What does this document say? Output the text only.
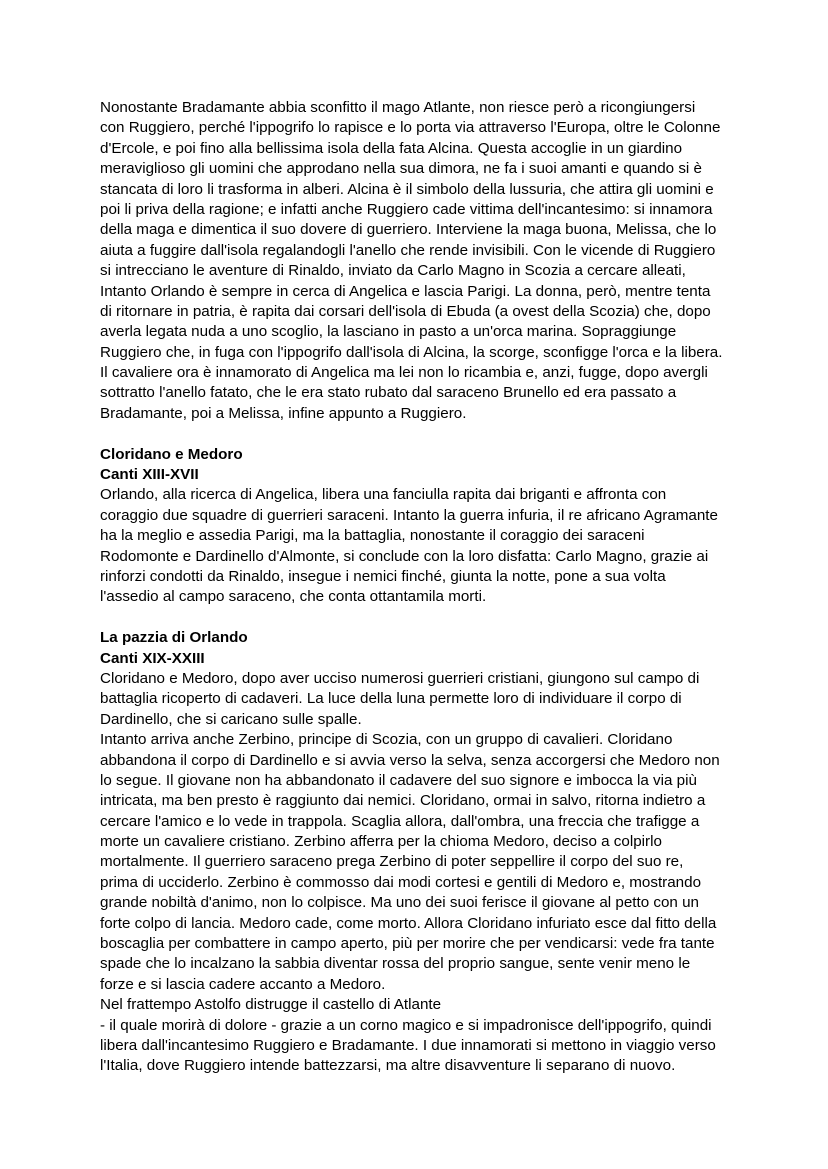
Nonostante Bradamante abbia sconfitto il mago Atlante, non riesce però a ricongiungersi
con Ruggiero, perché l'ippogrifo lo rapisce e lo porta via attraverso l'Europa, oltre le Colonne
d'Ercole, e poi fino alla bellissima isola della fata Alcina. Questa accoglie in un giardino
meraviglioso gli uomini che approdano nella sua dimora, ne fa i suoi amanti e quando si è
stancata di loro li trasforma in alberi. Alcina è il simbolo della lussuria, che attira gli uomini e
poi li priva della ragione; e infatti anche Ruggiero cade vittima dell'incantesimo: si innamora
della maga e dimentica il suo dovere di guerriero. Interviene la maga buona, Melissa, che lo
aiuta a fuggire dall'isola regalandogli l'anello che rende invisibili. Con le vicende di Ruggiero
si intrecciano le aventure di Rinaldo, inviato da Carlo Magno in Scozia a cercare alleati,
Intanto Orlando è sempre in cerca di Angelica e lascia Parigi. La donna, però, mentre tenta
di ritornare in patria, è rapita dai corsari dell'isola di Ebuda (a ovest della Scozia) che, dopo
averla legata nuda a uno scoglio, la lasciano in pasto a un'orca marina. Sopraggiunge
Ruggiero che, in fuga con l'ippogrifo dall'isola di Alcina, la scorge, sconfigge l'orca e la libera.
Il cavaliere ora è innamorato di Angelica ma lei non lo ricambia e, anzi, fugge, dopo avergli
sottratto l'anello fatato, che le era stato rubato dal saraceno Brunello ed era passato a
Bradamante, poi a Melissa, infine appunto a Ruggiero.
Cloridano e Medoro
Canti XIII-XVII
Orlando, alla ricerca di Angelica, libera una fanciulla rapita dai briganti e affronta con
coraggio due squadre di guerrieri saraceni. Intanto la guerra infuria, il re africano Agramante
ha la meglio e assedia Parigi, ma la battaglia, nonostante il coraggio dei saraceni
Rodomonte e Dardinello d'Almonte, si conclude con la loro disfatta: Carlo Magno, grazie ai
rinforzi condotti da Rinaldo, insegue i nemici finché, giunta la notte, pone a sua volta
l'assedio al campo saraceno, che conta ottantamila morti.
La pazzia di Orlando
Canti XIX-XXIII
Cloridano e Medoro, dopo aver ucciso numerosi guerrieri cristiani, giungono sul campo di
battaglia ricoperto di cadaveri. La luce della luna permette loro di individuare il corpo di
Dardinello, che si caricano sulle spalle.
Intanto arriva anche Zerbino, principe di Scozia, con un gruppo di cavalieri. Cloridano
abbandona il corpo di Dardinello e si avvia verso la selva, senza accorgersi che Medoro non
lo segue. Il giovane non ha abbandonato il cadavere del suo signore e imbocca la via più
intricata, ma ben presto è raggiunto dai nemici. Cloridano, ormai in salvo, ritorna indietro a
cercare l'amico e lo vede in trappola. Scaglia allora, dall'ombra, una freccia che trafigge a
morte un cavaliere cristiano. Zerbino afferra per la chioma Medoro, deciso a colpirlo
mortalmente. Il guerriero saraceno prega Zerbino di poter seppellire il corpo del suo re,
prima di ucciderlo. Zerbino è commosso dai modi cortesi e gentili di Medoro e, mostrando
grande nobiltà d'animo, non lo colpisce. Ma uno dei suoi ferisce il giovane al petto con un
forte colpo di lancia. Medoro cade, come morto. Allora Cloridano infuriato esce dal fitto della
boscaglia per combattere in campo aperto, più per morire che per vendicarsi: vede fra tante
spade che lo incalzano la sabbia diventar rossa del proprio sangue, sente venir meno le
forze e si lascia cadere accanto a Medoro.
Nel frattempo Astolfo distrugge il castello di Atlante
- il quale morirà di dolore - grazie a un corno magico e si impadronisce dell'ippogrifo, quindi
libera dall'incantesimo Ruggiero e Bradamante. I due innamorati si mettono in viaggio verso
l'Italia, dove Ruggiero intende battezzarsi, ma altre disavventure li separano di nuovo.
